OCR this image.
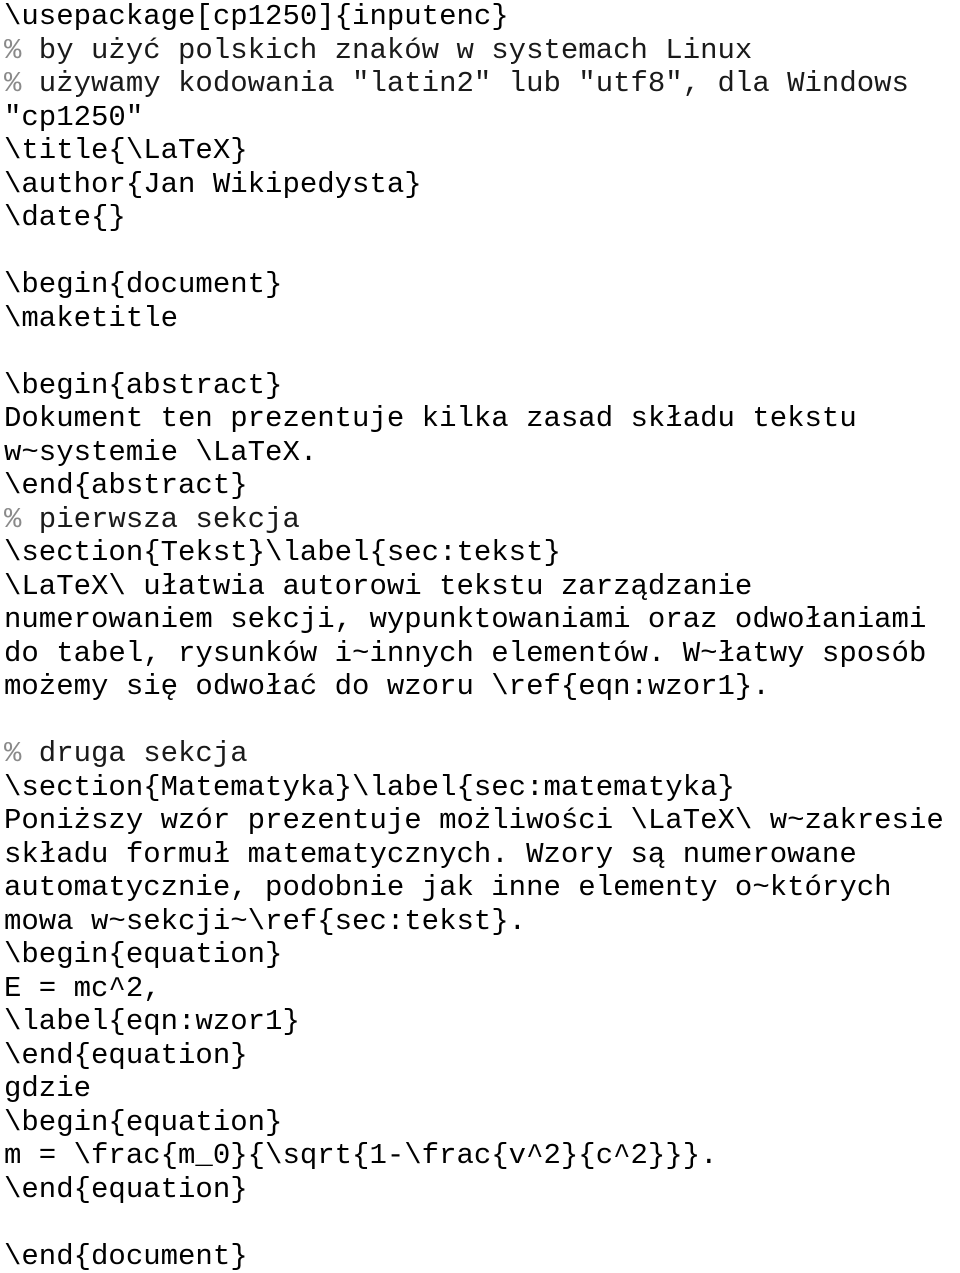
\usepackage[cp1250]{inputenc}
% by użyć polskich znaków w systemach Linux
% używamy kodowania "latin2" lub "utf8", dla Windows
"cp1250"
\title{\LaTeX}
\author{Jan Wikipedysta}
\date{}
\begin{document}
\maketitle
\begin{abstract}
Dokument ten prezentuje kilka zasad składu tekstu
w~systemie \LaTeX.
\end{abstract}
% pierwsza sekcja
\section{Tekst}\label{sec:tekst}
\LaTeX\ ułatwia autorowi tekstu zarządzanie
numerowaniem sekcji, wypunktowaniami oraz odwołaniami
do tabel, rysunków i~innych elementów. W~łatwy sposób
możemy się odwołać do wzoru \ref{eqn:wzor1}.
% druga sekcja
\section{Matematyka}\label{sec:matematyka}
Poniższy wzór prezentuje możliwości \LaTeX\ w~zakresie
składu formuł matematycznych. Wzory są numerowane
automatycznie, podobnie jak inne elementy o~których
mowa w~sekcji~\ref{sec:tekst}.
\begin{equation}
E = mc^2,
\label{eqn:wzor1}
\end{equation}
gdzie
\begin{equation}
m = \frac{m_0}{\sqrt{1-\frac{v^2}{c^2}}}.
\end{equation}
\end{document}
